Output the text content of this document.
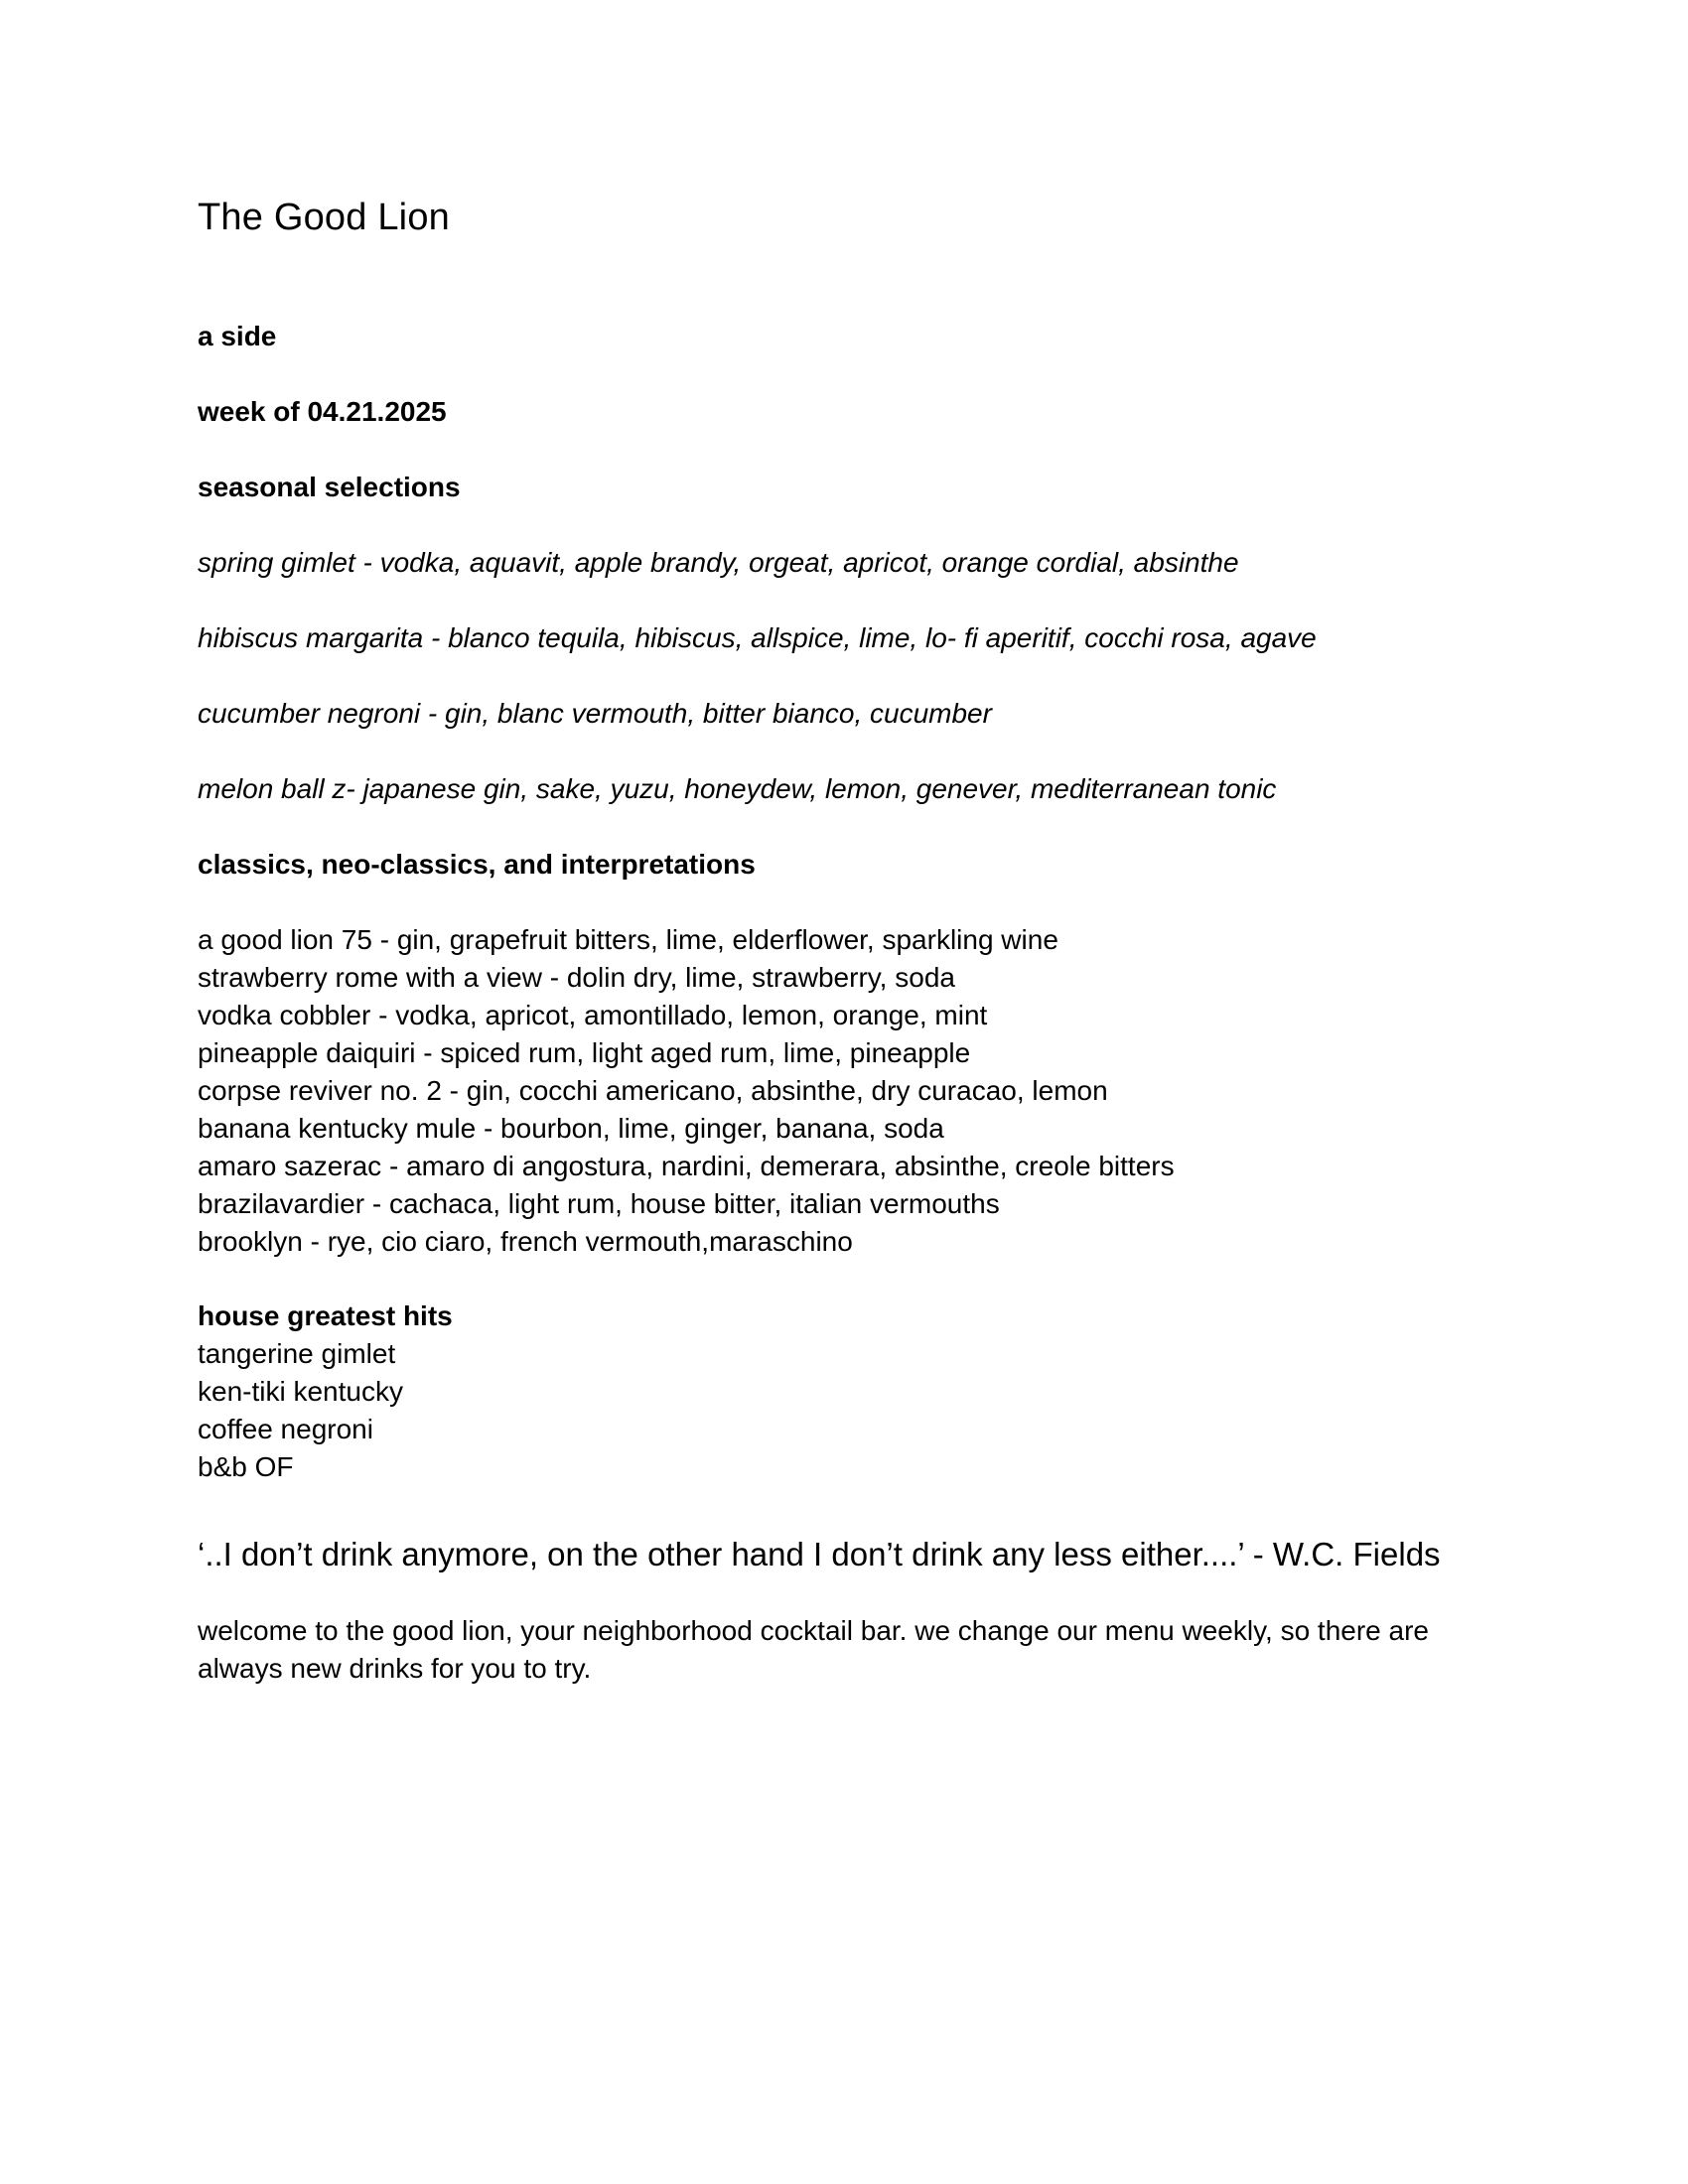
The Good Lion
a side
week of 04.21.2025
seasonal selections
spring gimlet - vodka, aquavit, apple brandy, orgeat, apricot, orange cordial, absinthe
hibiscus margarita - blanco tequila, hibiscus, allspice, lime, lo- fi aperitif, cocchi rosa, agave
cucumber negroni - gin, blanc vermouth, bitter bianco, cucumber
melon ball z- japanese gin, sake, yuzu, honeydew, lemon, genever, mediterranean tonic
classics, neo-classics, and interpretations
a good lion 75 - gin, grapefruit bitters, lime, elderflower, sparkling wine
strawberry rome with a view - dolin dry, lime, strawberry, soda
vodka cobbler - vodka, apricot, amontillado, lemon, orange, mint
pineapple daiquiri - spiced rum, light aged rum, lime, pineapple
corpse reviver no. 2 - gin, cocchi americano, absinthe, dry curacao, lemon
banana kentucky mule - bourbon, lime, ginger, banana, soda
amaro sazerac - amaro di angostura, nardini, demerara, absinthe, creole bitters
brazilavardier - cachaca, light rum, house bitter, italian vermouths
brooklyn - rye, cio ciaro, french vermouth,maraschino
house greatest hits
tangerine gimlet
ken-tiki kentucky
coffee negroni
b&b OF
‘..I don’t drink anymore, on the other hand I don’t drink any less either....’ - W.C. Fields

welcome to the good lion, your neighborhood cocktail bar. we change our menu weekly, so there are always new drinks for you to try.
